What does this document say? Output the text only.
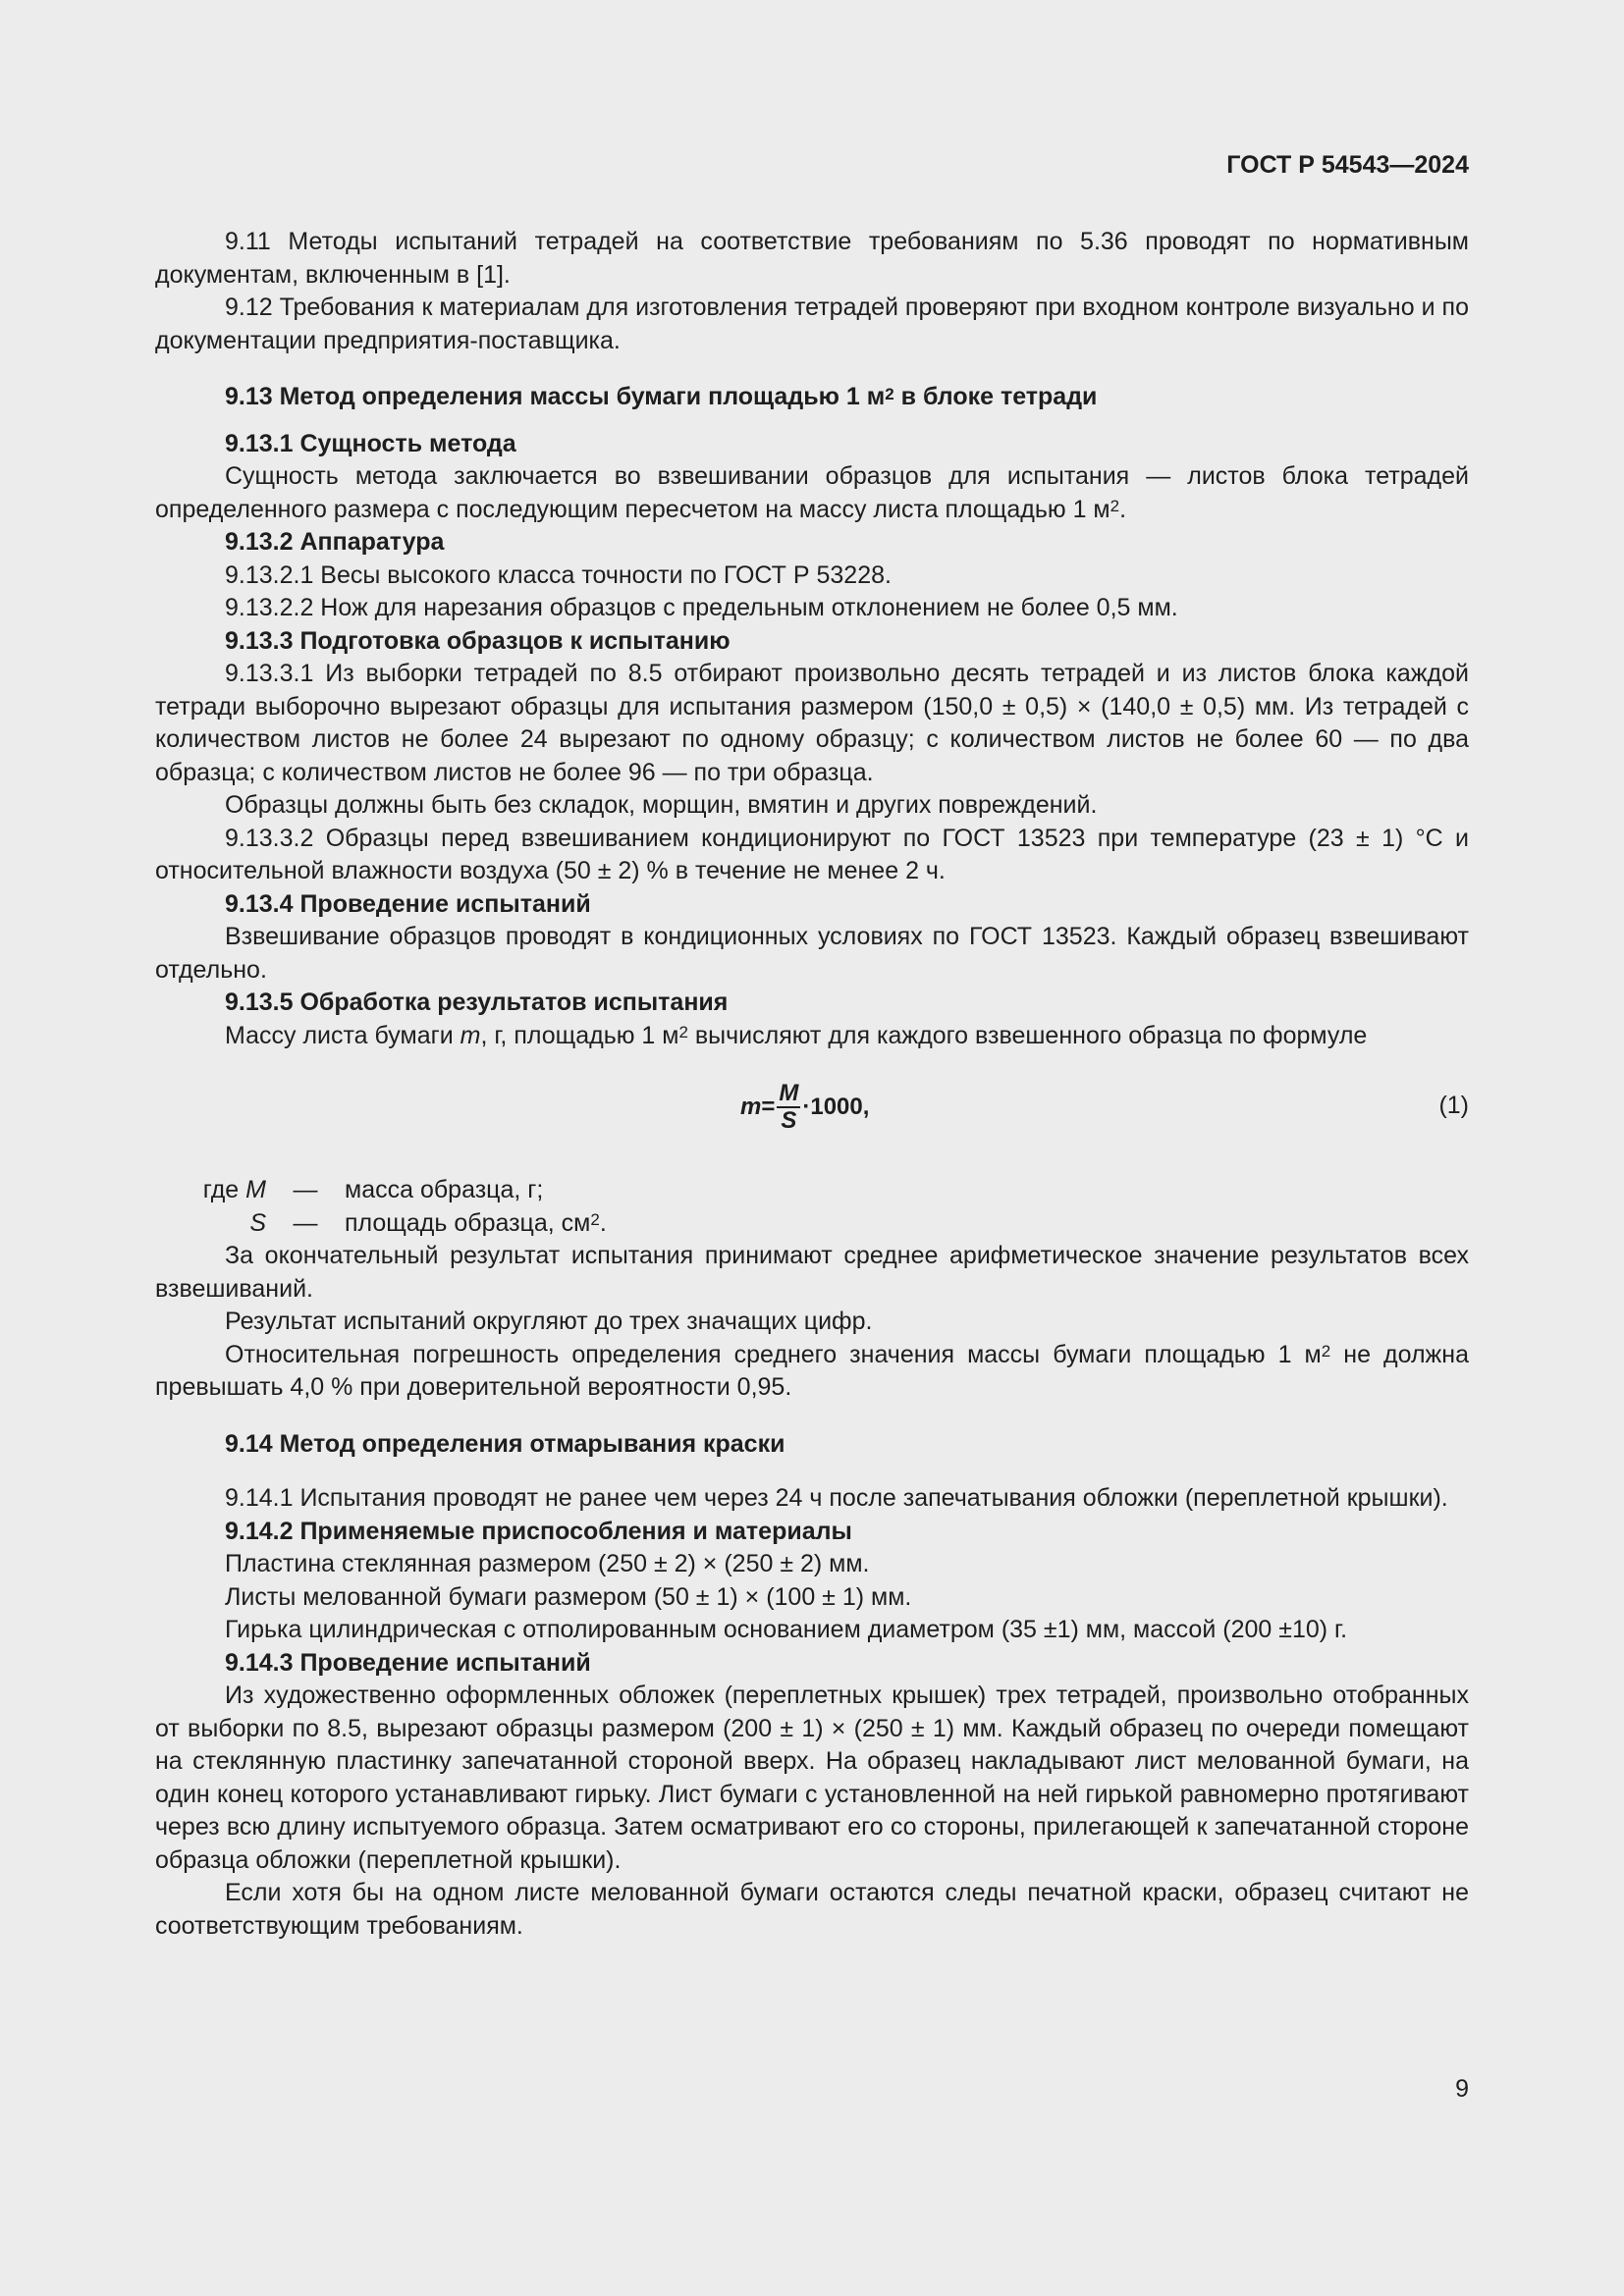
ГОСТ Р 54543—2024

9.11 Методы испытаний тетрадей на соответствие требованиям по 5.36 проводят по нормативным документам, включенным в [1].

9.12 Требования к материалам для изготовления тетрадей проверяют при входном контроле визуально и по документации предприятия-поставщика.

9.13 Метод определения массы бумаги площадью 1 $м^2$ в блоке тетради

9.13.1 Сущность метода

Сущность метода заключается во взвешивании образцов для испытания — листов блока тетрадей определенного размера с последующим пересчетом на массу листа площадью 1 $м^2$.

9.13.2 Аппаратура

9.13.2.1 Весы высокого класса точности по ГОСТ Р 53228.

9.13.2.2 Нож для нарезания образцов с предельным отклонением не более 0,5 мм.

9.13.3 Подготовка образцов к испытанию

9.13.3.1 Из выборки тетрадей по 8.5 отбирают произвольно десять тетрадей и из листов блока каждой тетради выборочно вырезают образцы для испытания размером (150,0 ± 0,5) × (140,0 ± 0,5) мм. Из тетрадей с количеством листов не более 24 вырезают по одному образцу; с количеством листов не более 60 — по два образца; с количеством листов не более 96 — по три образца.

Образцы должны быть без складок, морщин, вмятин и других повреждений.

9.13.3.2 Образцы перед взвешиванием кондиционируют по ГОСТ 13523 при температуре (23 ± 1) °С и относительной влажности воздуха (50 ± 2) % в течение не менее 2 ч.

9.13.4 Проведение испытаний

Взвешивание образцов проводят в кондиционных условиях по ГОСТ 13523. Каждый образец взвешивают отдельно.

9.13.5 Обработка результатов испытания

Массу листа бумаги m, г, площадью 1 $м^2$ вычисляют для каждого взвешенного образца по формуле

$m = \frac{M}{S} \cdot 1000$,	(1)
где M	—	масса образца, г;
S	—	площадь образца, $см^2$.

За окончательный результат испытания принимают среднее арифметическое значение результатов всех взвешиваний.

Результат испытаний округляют до трех значащих цифр.

Относительная погрешность определения среднего значения массы бумаги площадью 1 $м^2$ не должна превышать 4,0 % при доверительной вероятности 0,95.

9.14 Метод определения отмарывания краски

9.14.1 Испытания проводят не ранее чем через 24 ч после запечатывания обложки (переплетной крышки).

9.14.2 Применяемые приспособления и материалы

Пластина стеклянная размером (250 ± 2) × (250 ± 2) мм.

Листы мелованной бумаги размером (50 ± 1) × (100 ± 1) мм.

Гирька цилиндрическая с отполированным основанием диаметром (35 ±1) мм, массой (200 ±10) г.

9.14.3 Проведение испытаний

Из художественно оформленных обложек (переплетных крышек) трех тетрадей, произвольно отобранных от выборки по 8.5, вырезают образцы размером (200 ± 1) × (250 ± 1) мм. Каждый образец по очереди помещают на стеклянную пластинку запечатанной стороной вверх. На образец накладывают лист мелованной бумаги, на один конец которого устанавливают гирьку. Лист бумаги с установленной на ней гирькой равномерно протягивают через всю длину испытуемого образца. Затем осматривают его со стороны, прилегающей к запечатанной стороне образца обложки (переплетной крышки).

Если хотя бы на одном листе мелованной бумаги остаются следы печатной краски, образец считают не соответствующим требованиям.

9
